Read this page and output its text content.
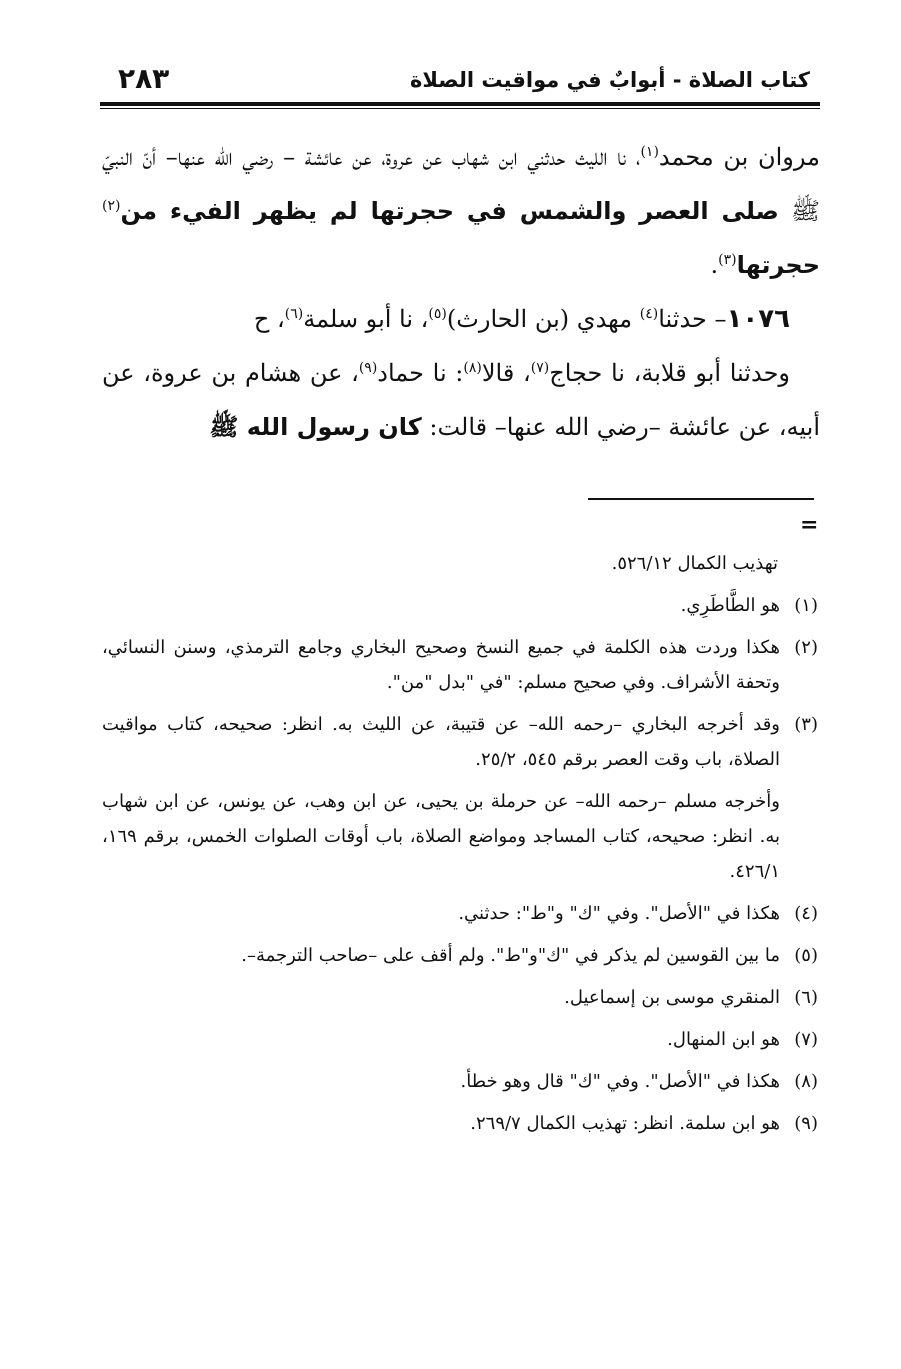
٢٨٣	كتاب الصلاة - أبوابٌ في مواقيت الصلاة

مروان بن محمد$^{(١)}$، نا الليث حدثني ابن شهاب عن عروة، عن عائشة – رضي الله عنها– أنّ النبيّ ﷺ صلى العصر والشمس في حجرتها لم يظهر الفيء من$^{(٢)}$ حجرتها$^{(٣)}$.

١٠٧٦– حدثنا$^{(٤)}$ مهدي (بن الحارث)$^{(٥)}$، نا أبو سلمة$^{(٦)}$، ح

وحدثنا أبو قلابة، نا حجاج$^{(٧)}$، قالا$^{(٨)}$: نا حماد$^{(٩)}$، عن هشام بن عروة، عن أبيه، عن عائشة –رضي الله عنها– قالت: كان رسول الله ﷺ

=

تهذيب الكمال ٥٢٦/١٢.

(١)هو الطَّاطَرِي.

(٢)هكذا وردت هذه الكلمة في جميع النسخ وصحيح البخاري وجامع الترمذي، وسنن النسائي، وتحفة الأشراف. وفي صحيح مسلم: "في "بدل "من".

(٣)وقد أخرجه البخاري –رحمه الله– عن قتيبة، عن الليث به. انظر: صحيحه، كتاب مواقيت الصلاة، باب وقت العصر برقم ٥٤٥، ٢٥/٢.

وأخرجه مسلم –رحمه الله– عن حرملة بن يحيى، عن ابن وهب، عن يونس، عن ابن شهاب به. انظر: صحيحه، كتاب المساجد ومواضع الصلاة، باب أوقات الصلوات الخمس، برقم ١٦٩، ٤٢٦/١.

(٤)هكذا في "الأصل". وفي "ك" و"ط": حدثني.

(٥)ما بين القوسين لم يذكر في "ك"و"ط". ولم أقف على –صاحب الترجمة–.

(٦)المنقري موسى بن إسماعيل.

(٧)هو ابن المنهال.

(٨)هكذا في "الأصل". وفي "ك" قال وهو خطأ.

(٩)هو ابن سلمة. انظر: تهذيب الكمال ٢٦٩/٧.
